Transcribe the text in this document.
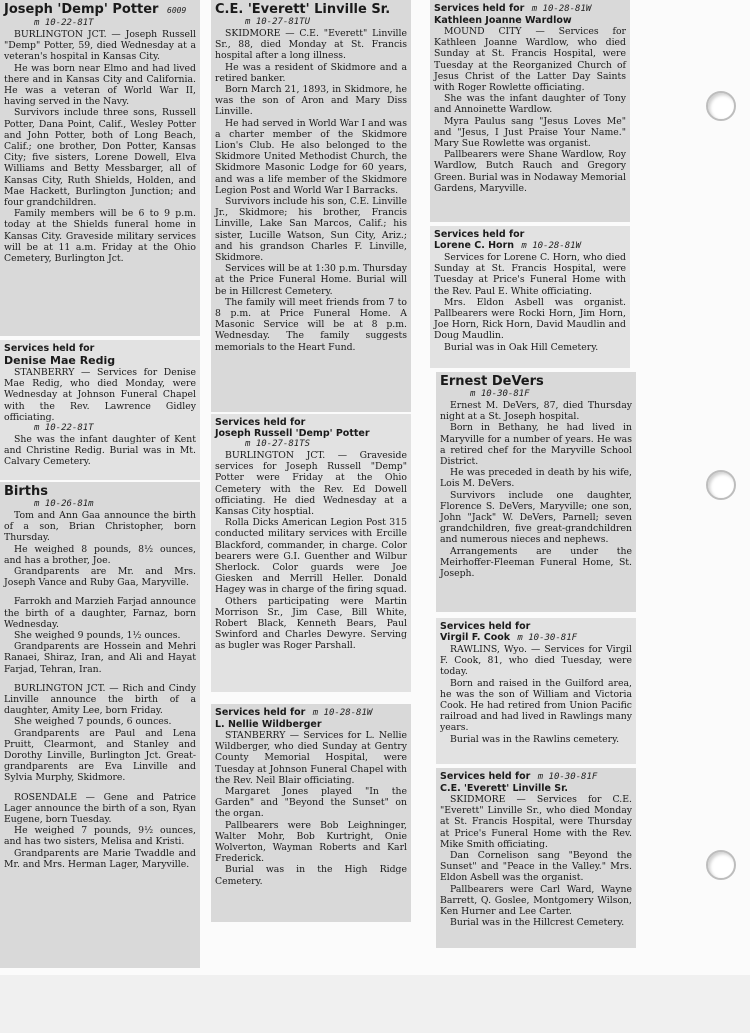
Joseph 'Demp' Potter 6009
m 10-22-81T

BURLINGTON JCT. — Joseph Russell "Demp" Potter, 59, died Wednesday at a veteran's hospital in Kansas City.

He was born near Elmo and had lived there and in Kansas City and California. He was a veteran of World War II, having served in the Navy.

Survivors include three sons, Russell Potter, Dana Point, Calif., Wesley Potter and John Potter, both of Long Beach, Calif.; one brother, Don Potter, Kansas City; five sisters, Lorene Dowell, Elva Williams and Betty Messbarger, all of Kansas City, Ruth Shields, Holden, and Mae Hackett, Burlington Junction; and four grandchildren.

Family members will be 6 to 9 p.m. today at the Shields funeral home in Kansas City. Graveside military services will be at 11 a.m. Friday at the Ohio Cemetery, Burlington Jct.

Services held for
Denise Mae Redig

STANBERRY — Services for Denise Mae Redig, who died Monday, were Wednesday at Johnson Funeral Chapel with the Rev. Lawrence Gidley officiating.

m 10-22-81T

She was the infant daughter of Kent and Christine Redig. Burial was in Mt. Calvary Cemetery.

Births
m 10-26-81m

Tom and Ann Gaa announce the birth of a son, Brian Christopher, born Thursday.

He weighed 8 pounds, 8½ ounces, and has a brother, Joe.

Grandparents are Mr. and Mrs. Joseph Vance and Ruby Gaa, Maryville.

Farrokh and Marzieh Farjad announce the birth of a daughter, Farnaz, born Wednesday.

She weighed 9 pounds, 1½ ounces.

Grandparents are Hossein and Mehri Ranaei, Shiraz, Iran, and Ali and Hayat Farjad, Tehran, Iran.

BURLINGTON JCT. — Rich and Cindy Linville announce the birth of a daughter, Amity Lee, born Friday.

She weighed 7 pounds, 6 ounces.

Grandparents are Paul and Lena Pruitt, Clearmont, and Stanley and Dorothy Linville, Burlington Jct. Great-grandparents are Eva Linville and Sylvia Murphy, Skidmore.

ROSENDALE — Gene and Patrice Lager announce the birth of a son, Ryan Eugene, born Tuesday.

He weighed 7 pounds, 9½ ounces, and has two sisters, Melisa and Kristi.

Grandparents are Marie Twaddle and Mr. and Mrs. Herman Lager, Maryville.

C.E. 'Everett' Linville Sr.
m 10-27-81TU

SKIDMORE — C.E. "Everett" Linville Sr., 88, died Monday at St. Francis hospital after a long illness.

He was a resident of Skidmore and a retired banker.

Born March 21, 1893, in Skidmore, he was the son of Aron and Mary Diss Linville.

He had served in World War I and was a charter member of the Skidmore Lion's Club. He also belonged to the Skidmore United Methodist Church, the Skidmore Masonic Lodge for 60 years, and was a life member of the Skidmore Legion Post and World War I Barracks.

Survivors include his son, C.E. Linville Jr., Skidmore; his brother, Francis Linville, Lake San Marcos, Calif.; his sister, Lucille Watson, Sun City, Ariz.; and his grandson Charles F. Linville, Skidmore.

Services will be at 1:30 p.m. Thursday at the Price Funeral Home. Burial will be in Hillcrest Cemetery.

The family will meet friends from 7 to 8 p.m. at Price Funeral Home. A Masonic Service will be at 8 p.m. Wednesday. The family suggests memorials to the Heart Fund.

Services held for
Joseph Russell 'Demp' Potter
m 10-27-81TS

BURLINGTON JCT. — Graveside services for Joseph Russell "Demp" Potter were Friday at the Ohio Cemetery with the Rev. Ed Dowell officiating. He died Wednesday at a Kansas City hosptial.

Rolla Dicks American Legion Post 315 conducted military services with Ercille Blackford, commander, in charge. Color bearers were G.I. Guenther and Wilbur Sherlock. Color guards were Joe Giesken and Merrill Heller. Donald Hagey was in charge of the firing squad.

Others participating were Martin Morrison Sr., Jim Case, Bill White, Robert Black, Kenneth Bears, Paul Swinford and Charles Dewyre. Serving as bugler was Roger Parshall.

Services held for m 10-28-81W
L. Nellie Wildberger

STANBERRY — Services for L. Nellie Wildberger, who died Sunday at Gentry County Memorial Hospital, were Tuesday at Johnson Funeral Chapel with the Rev. Neil Blair officiating.

Margaret Jones played "In the Garden" and "Beyond the Sunset" on the organ.

Pallbearers were Bob Leighninger, Walter Mohr, Bob Kurtright, Onie Wolverton, Wayman Roberts and Karl Frederick.

Burial was in the High Ridge Cemetery.

Services held for m 10-28-81W
Kathleen Joanne Wardlow

MOUND CITY — Services for Kathleen Joanne Wardlow, who died Sunday at St. Francis Hospital, were Tuesday at the Reorganized Church of Jesus Christ of the Latter Day Saints with Roger Rowlette officiating.

She was the infant daughter of Tony and Annoinette Wardlow.

Myra Paulus sang "Jesus Loves Me" and "Jesus, I Just Praise Your Name." Mary Sue Rowlette was organist.

Pallbearers were Shane Wardlow, Roy Wardlow, Butch Rauch and Gregory Green. Burial was in Nodaway Memorial Gardens, Maryville.

Services held for
Lorene C. Horn m 10-28-81W

Services for Lorene C. Horn, who died Sunday at St. Francis Hospital, were Tuesday at Price's Funeral Home with the Rev. Paul E. White officiating.

Mrs. Eldon Asbell was organist. Pallbearers were Rocki Horn, Jim Horn, Joe Horn, Rick Horn, David Maudlin and Doug Maudlin.

Burial was in Oak Hill Cemetery.

Ernest DeVers
m 10-30-81F

Ernest M. DeVers, 87, died Thursday night at a St. Joseph hospital.

Born in Bethany, he had lived in Maryville for a number of years. He was a retired chef for the Maryville School District.

He was preceded in death by his wife, Lois M. DeVers.

Survivors include one daughter, Florence S. DeVers, Maryville; one son, John "Jack" W. DeVers, Parnell; seven grandchildren, five great-grandchildren and numerous nieces and nephews.

Arrangements are under the Meirhoffer-Fleeman Funeral Home, St. Joseph.

Services held for
Virgil F. Cook m 10-30-81F

RAWLINS, Wyo. — Services for Virgil F. Cook, 81, who died Tuesday, were today.

Born and raised in the Guilford area, he was the son of William and Victoria Cook. He had retired from Union Pacific railroad and had lived in Rawlings many years.

Burial was in the Rawlins cemetery.

Services held for m 10-30-81F
C.E. 'Everett' Linville Sr.

SKIDMORE — Services for C.E. "Everett" Linville Sr., who died Monday at St. Francis Hospital, were Thursday at Price's Funeral Home with the Rev. Mike Smith officiating.

Dan Cornelison sang "Beyond the Sunset" and "Peace in the Valley." Mrs. Eldon Asbell was the organist.

Pallbearers were Carl Ward, Wayne Barrett, Q. Goslee, Montgomery Wilson, Ken Hurner and Lee Carter.

Burial was in the Hillcrest Cemetery.
